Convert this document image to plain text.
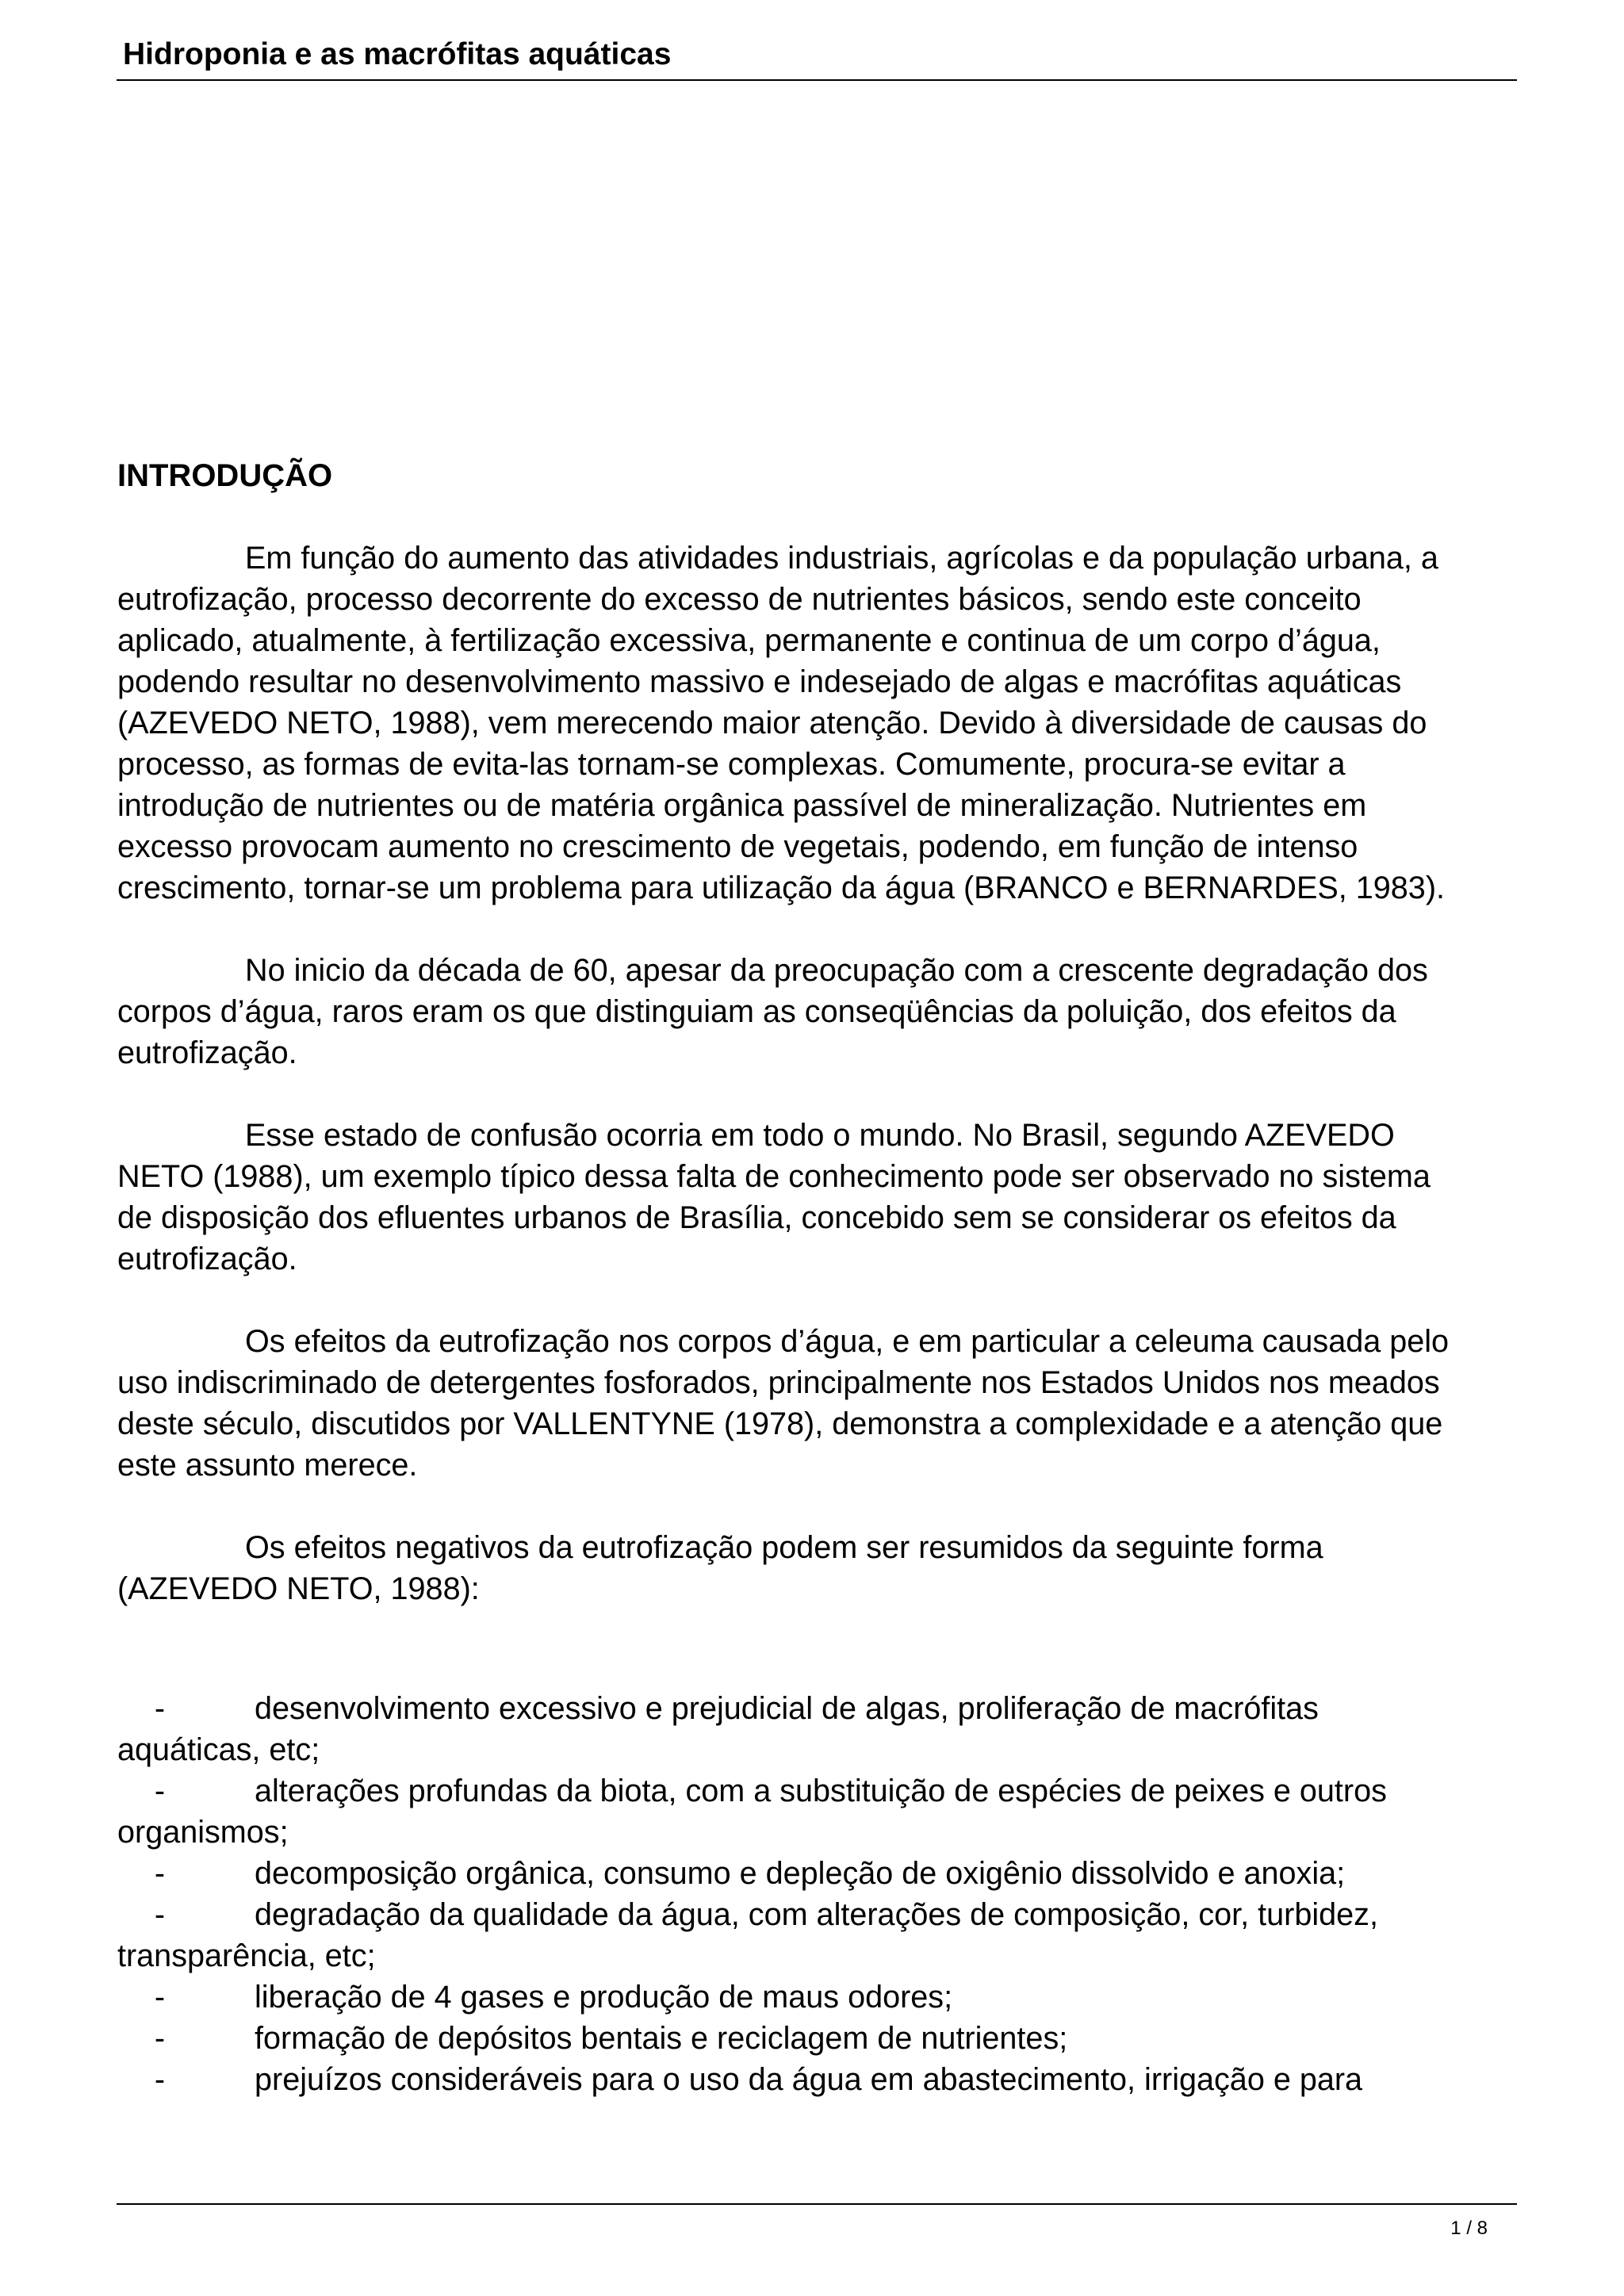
Hidroponia e as macrófitas aquáticas
INTRODUÇÃO

Em função do aumento das atividades industriais, agrícolas e da população urbana, a
eutrofização, processo decorrente do excesso de nutrientes básicos, sendo este conceito
aplicado, atualmente, à fertilização excessiva, permanente e continua de um corpo d’água,
podendo resultar no desenvolvimento massivo e indesejado de algas e macrófitas aquáticas
(AZEVEDO NETO, 1988), vem merecendo maior atenção. Devido à diversidade de causas do
processo, as formas de evita-las tornam-se complexas. Comumente, procura-se evitar a
introdução de nutrientes ou de matéria orgânica passível de mineralização. Nutrientes em
excesso provocam aumento no crescimento de vegetais, podendo, em função de intenso
crescimento, tornar-se um problema para utilização da água (BRANCO e BERNARDES, 1983).

No inicio da década de 60, apesar da preocupação com a crescente degradação dos
corpos d’água, raros eram os que distinguiam as conseqüências da poluição, dos efeitos da
eutrofização.

Esse estado de confusão ocorria em todo o mundo. No Brasil, segundo AZEVEDO
NETO (1988), um exemplo típico dessa falta de conhecimento pode ser observado no sistema
de disposição dos efluentes urbanos de Brasília, concebido sem se considerar os efeitos da
eutrofização.

Os efeitos da eutrofização nos corpos d’água, e em particular a celeuma causada pelo
uso indiscriminado de detergentes fosforados, principalmente nos Estados Unidos nos meados
deste século, discutidos por VALLENTYNE (1978), demonstra a complexidade e a atenção que
este assunto merece.

Os efeitos negativos da eutrofização podem ser resumidos da seguinte forma
(AZEVEDO NETO, 1988):

-	desenvolvimento excessivo e prejudicial de algas, proliferação de macrófitas
aquáticas, etc;
-	alterações profundas da biota, com a substituição de espécies de peixes e outros
organismos;
-	decomposição orgânica, consumo e depleção de oxigênio dissolvido e anoxia;
-	degradação da qualidade da água, com alterações de composição, cor, turbidez,
transparência, etc;
-	liberação de 4 gases e produção de maus odores;
-	formação de depósitos bentais e reciclagem de nutrientes;
-	prejuízos consideráveis para o uso da água em abastecimento, irrigação e para
1 / 8
